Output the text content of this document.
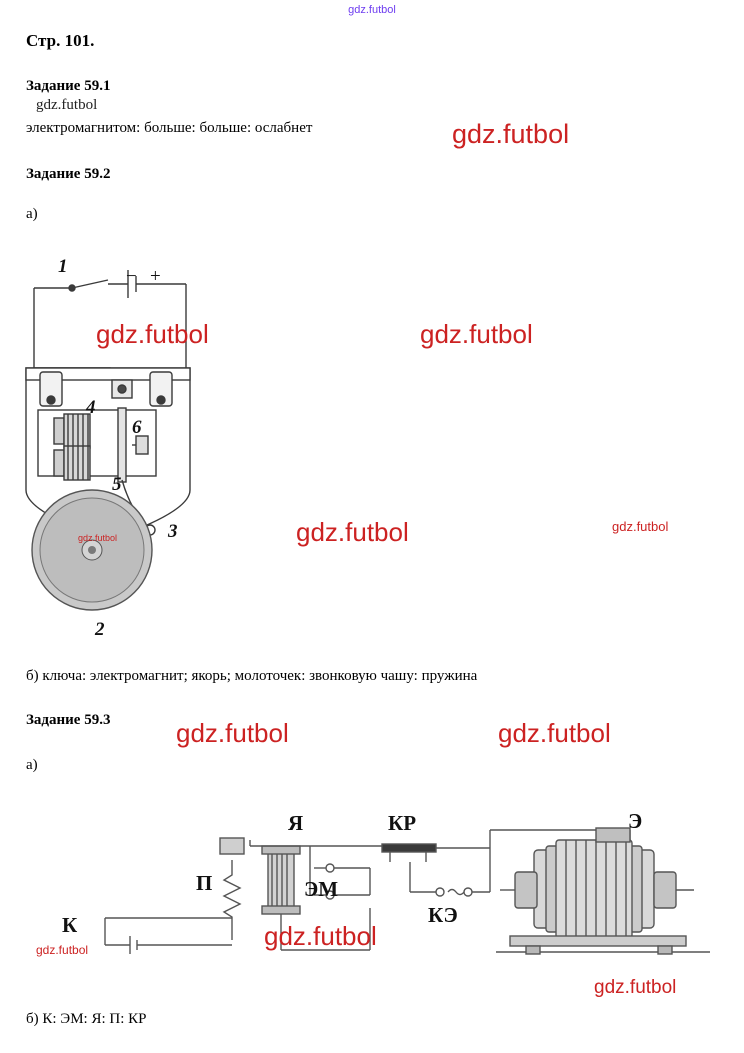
gdz.futbol
Стр. 101.
Задание 59.1
gdz.futbol
электромагнитом: больше: больше: ослабнет	gdz.futbol
Задание 59.2
а)
1
2
3
4
5
6
− +
gdz.futbol	gdz.futbol
gdz.futbol	gdz.futbol
gdz.futbol
б) ключа: электромагнит; якорь; молоточек: звонковую чашу: пружина
Задание 59.3	gdz.futbol	gdz.futbol
а)
Я	КР	Э
П	ЭМ
КЭ
К	gdz.futbol
gdz.futbol
gdz.futbol
б) К: ЭМ: Я: П: КР
